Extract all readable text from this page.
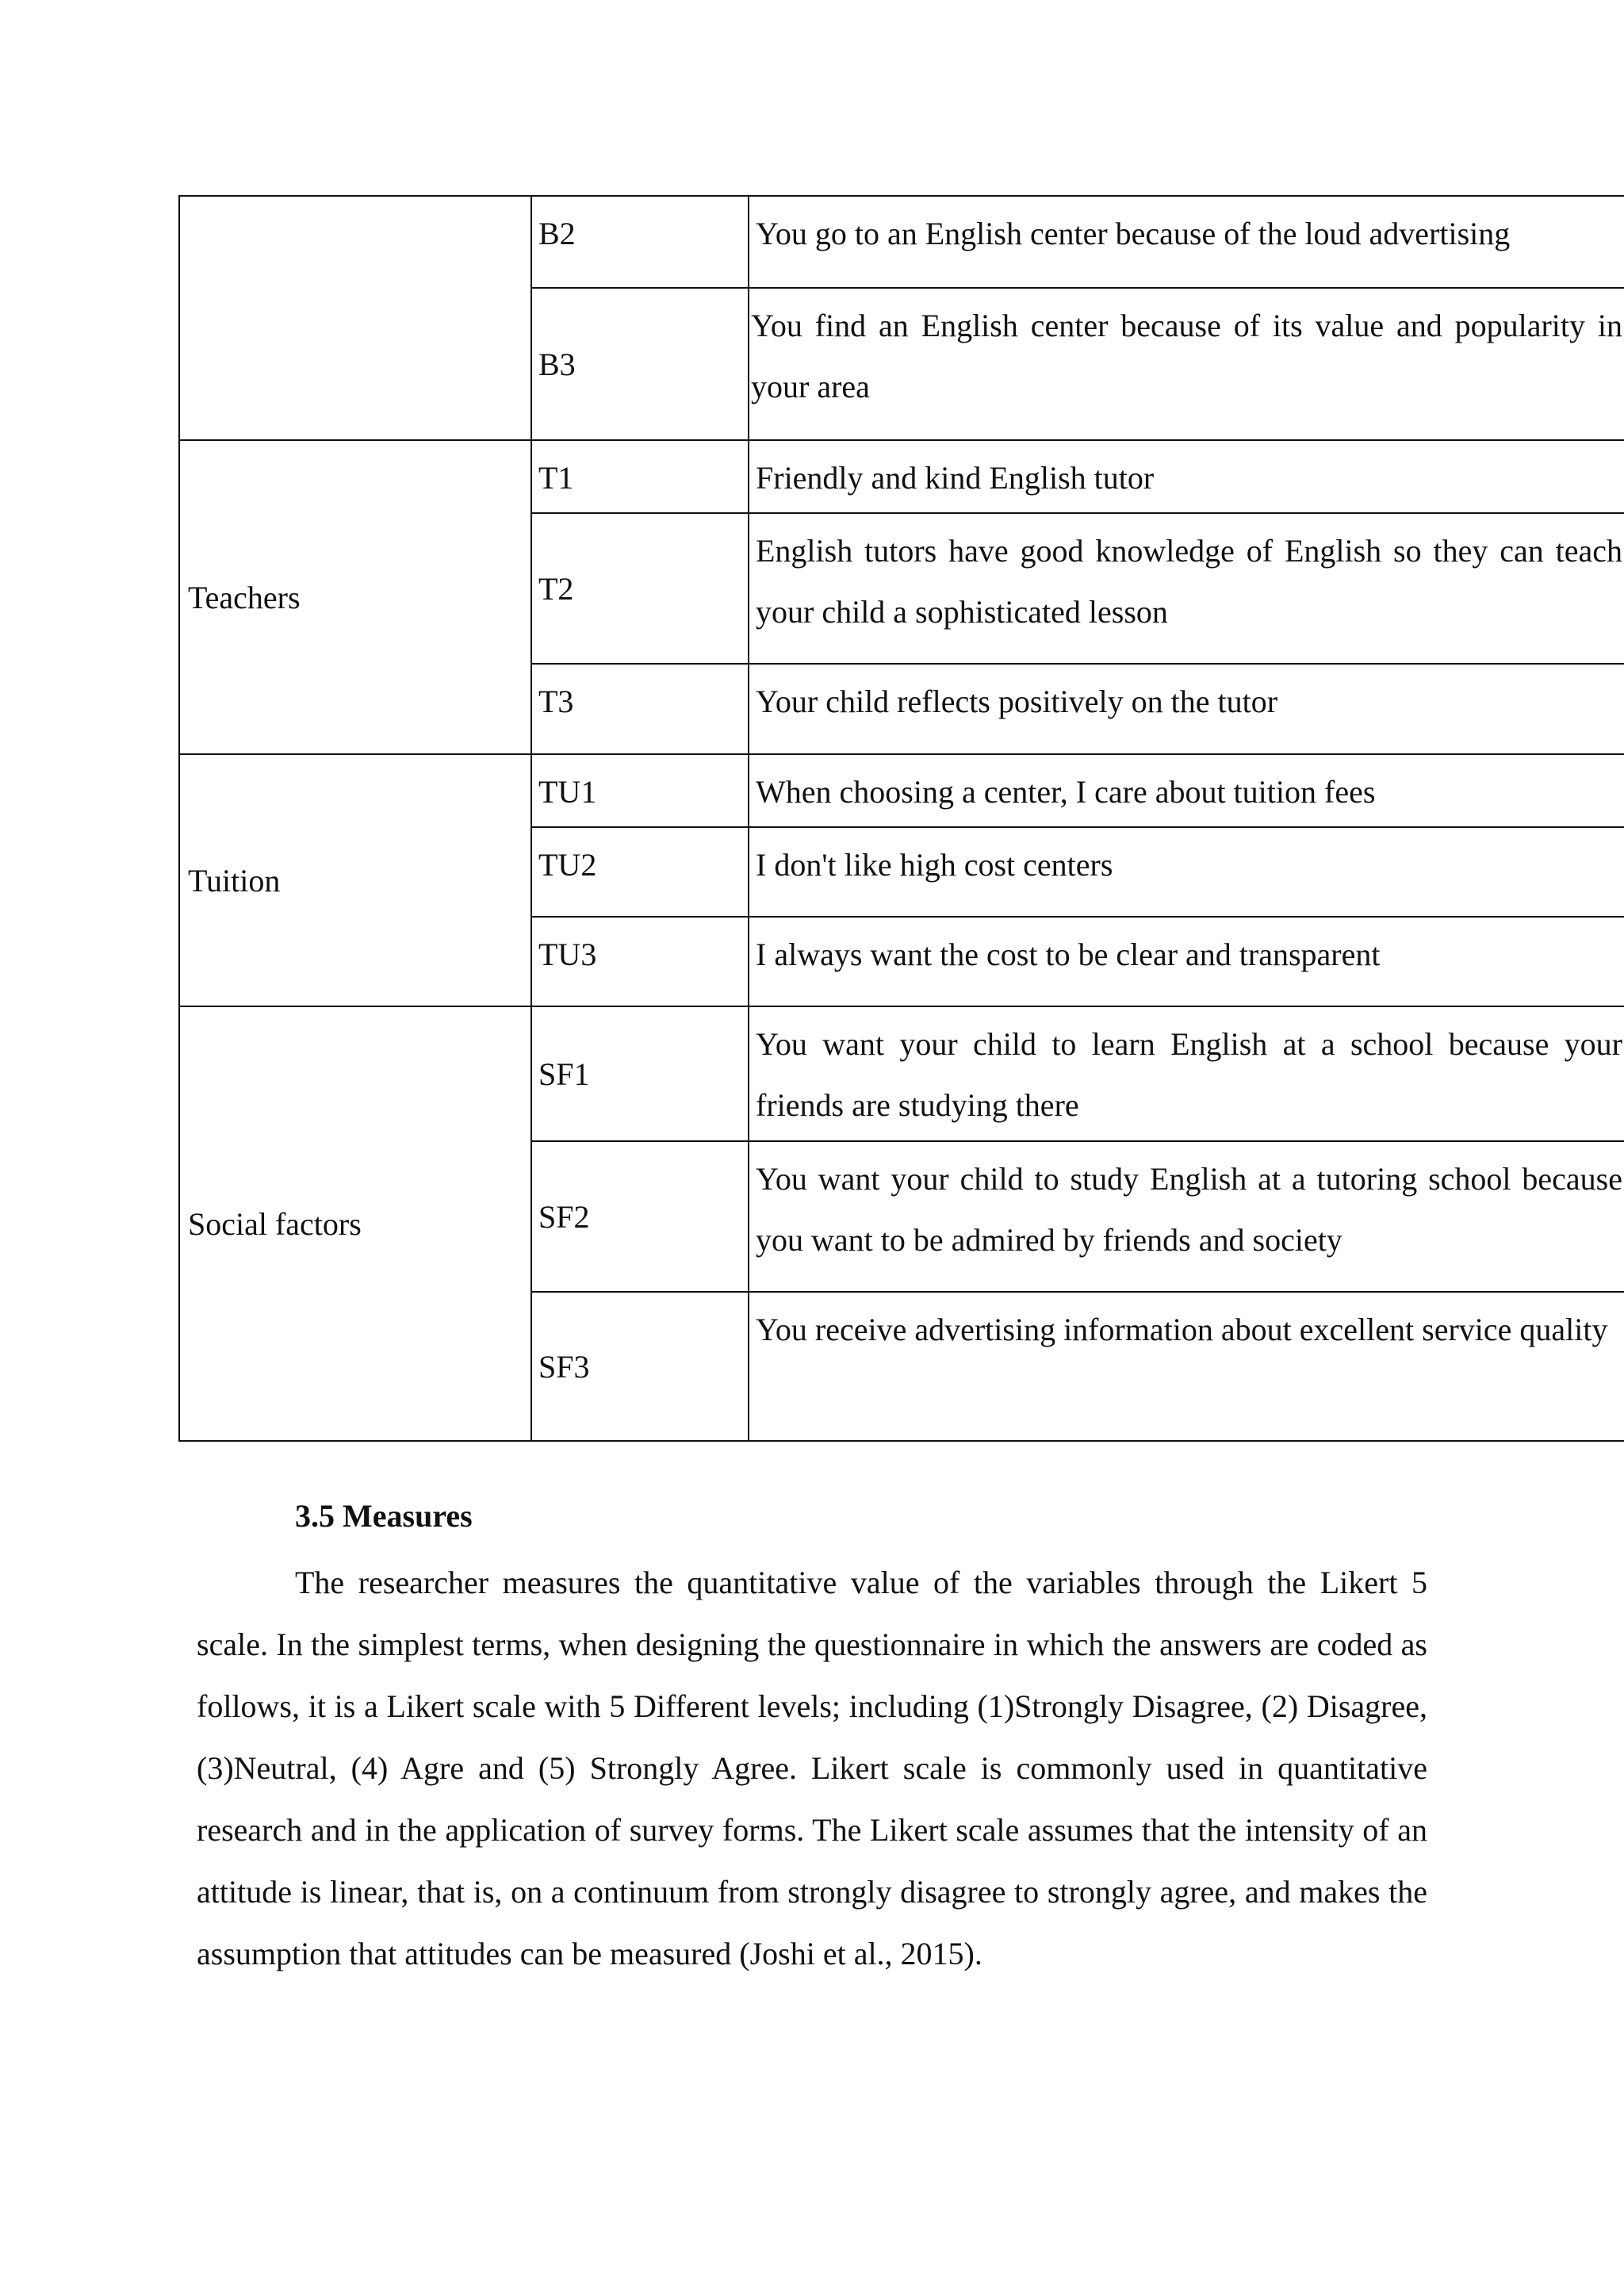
	B2	You go to an English center because of the loud advertising
	B3	You find an English center because of its value and popularity in your area
Teachers	T1	Friendly and kind English tutor
	T2	English tutors have good knowledge of English so they can teach your child a sophisticated lesson
	T3	Your child reflects positively on the tutor
Tuition	TU1	When choosing a center, I care about tuition fees
	TU2	I don't like high cost centers
	TU3	I always want the cost to be clear and transparent
Social factors	SF1	You want your child to learn English at a school because your friends are studying there
	SF2	You want your child to study English at a tutoring school because you want to be admired by friends and society
	SF3	You receive advertising information about excellent service quality
3.5 Measures

The researcher measures the quantitative value of the variables through the Likert 5 scale. In the simplest terms, when designing the questionnaire in which the answers are coded as follows, it is a Likert scale with 5 Different levels; including (1)Strongly Disagree, (2) Disagree, (3)Neutral, (4) Agre and (5) Strongly Agree. Likert scale is commonly used in quantitative research and in the application of survey forms. The Likert scale assumes that the intensity of an attitude is linear, that is, on a continuum from strongly disagree to strongly agree, and makes the assumption that attitudes can be measured (Joshi et al., 2015).
